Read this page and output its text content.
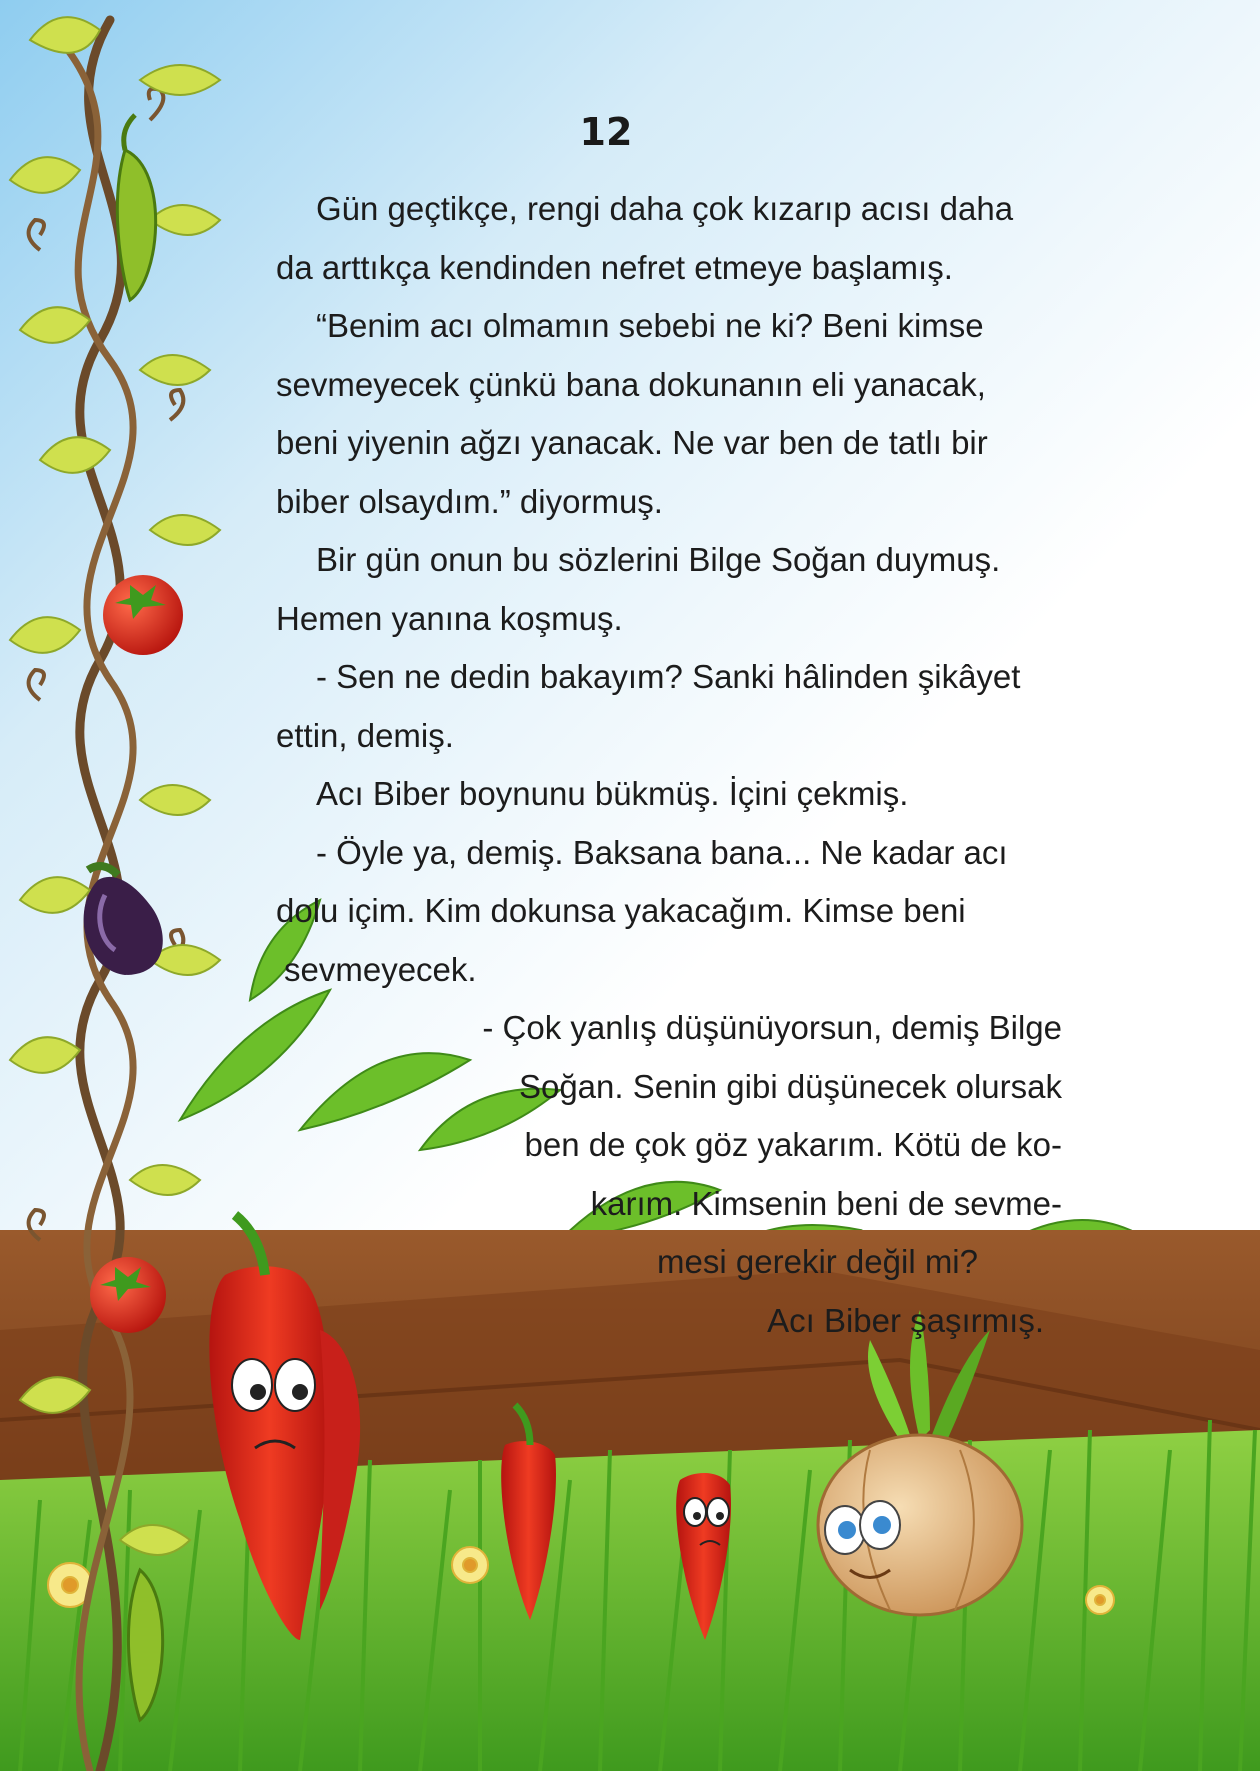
12
Gün geçtikçe, rengi daha çok kızarıp acısı daha
da arttıkça kendinden nefret etmeye başlamış.
“Benim acı olmamın sebebi ne ki? Beni kimse
sevmeyecek çünkü bana dokunanın eli yanacak,
beni yiyenin ağzı yanacak. Ne var ben de tatlı bir
biber olsaydım.” diyormuş.
Bir gün onun bu sözlerini Bilge Soğan duymuş.
Hemen yanına koşmuş.
- Sen ne dedin bakayım? Sanki hâlinden şikâyet
ettin, demiş.
Acı Biber boynunu bükmüş. İçini çekmiş.
- Öyle ya, demiş. Baksana bana... Ne kadar acı
dolu içim. Kim dokunsa yakacağım. Kimse beni
sevmeyecek.
- Çok yanlış düşünüyorsun, demiş Bilge
Soğan. Senin gibi düşünecek olursak
ben de çok göz yakarım. Kötü de ko-
karım. Kimsenin beni de sevme-
mesi gerekir değil mi?
Acı Biber şaşırmış.
